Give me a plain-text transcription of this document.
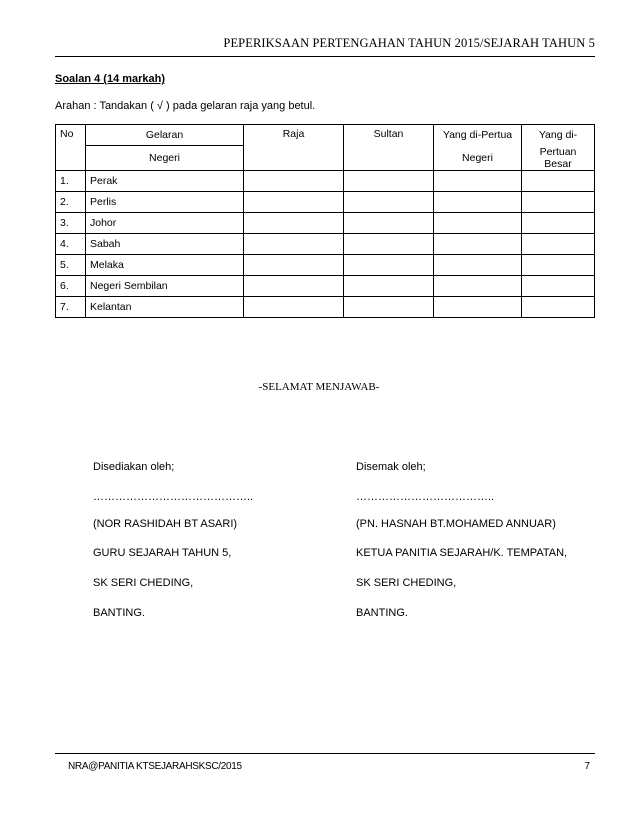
PEPERIKSAAN PERTENGAHAN TAHUN 2015/SEJARAH TAHUN 5
Soalan 4 (14 markah)
Arahan : Tandakan ( √ ) pada gelaran raja yang betul.
No	Gelaran	Raja	Sultan	Yang di-Pertua	Yang di-
	Negeri			Negeri	Pertuan Besar
1.	Perak				
2.	Perlis				
3.	Johor				
4.	Sabah				
5.	Melaka				
6.	Negeri Sembilan				
7.	Kelantan				
-SELAMAT MENJAWAB-
Disediakan oleh;
……………………………………..
(NOR RASHIDAH BT ASARI)
GURU SEJARAH TAHUN 5,
SK SERI CHEDING,
BANTING.
Disemak oleh;
………………………………..
(PN. HASNAH BT.MOHAMED ANNUAR)
KETUA PANITIA SEJARAH/K. TEMPATAN,
SK SERI CHEDING,
BANTING.
NRA@PANITIA KTSEJARAHSKSC/2015	7
